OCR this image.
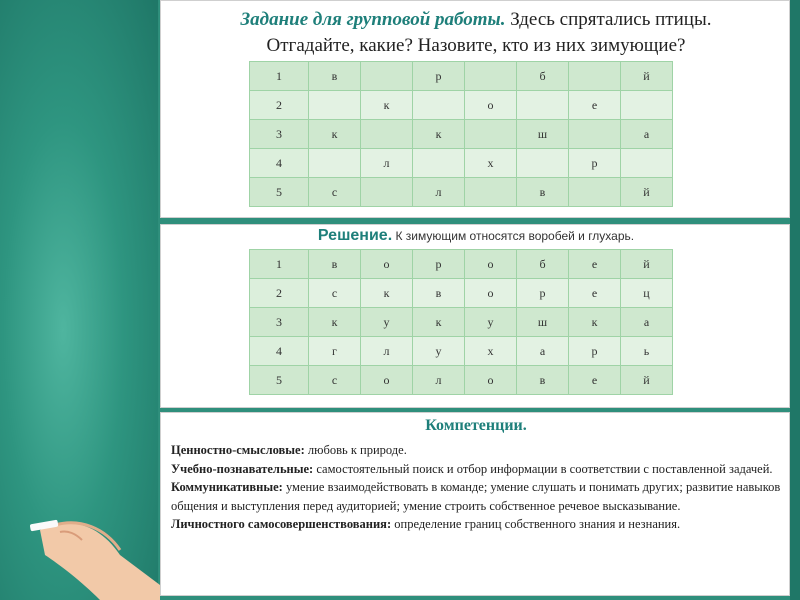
Задание для групповой работы. Здесь спрятались птицы.
Отгадайте, какие? Назовите, кто из них зимующие?
1	в		р		б		й
2		к		о		е	
3	к		к		ш		а
4		л		х		р	
5	с		л		в		й
Решение. К зимующим относятся воробей и глухарь.
1	в	о	р	о	б	е	й
2	с	к	в	о	р	е	ц
3	к	у	к	у	ш	к	а
4	г	л	у	х	а	р	ь
5	с	о	л	о	в	е	й
Компетенции.

Ценностно-смысловые: любовь к природе.

Учебно-познавательные: самостоятельный поиск и отбор информации в соответствии с поставленной задачей.

Коммуникативные: умение взаимодействовать в команде; умение слушать и понимать других; развитие навыков общения и выступления перед аудиторией; умение строить собственное речевое высказывание.

Личностного самосовершенствования: определение границ собственного знания и незнания.
